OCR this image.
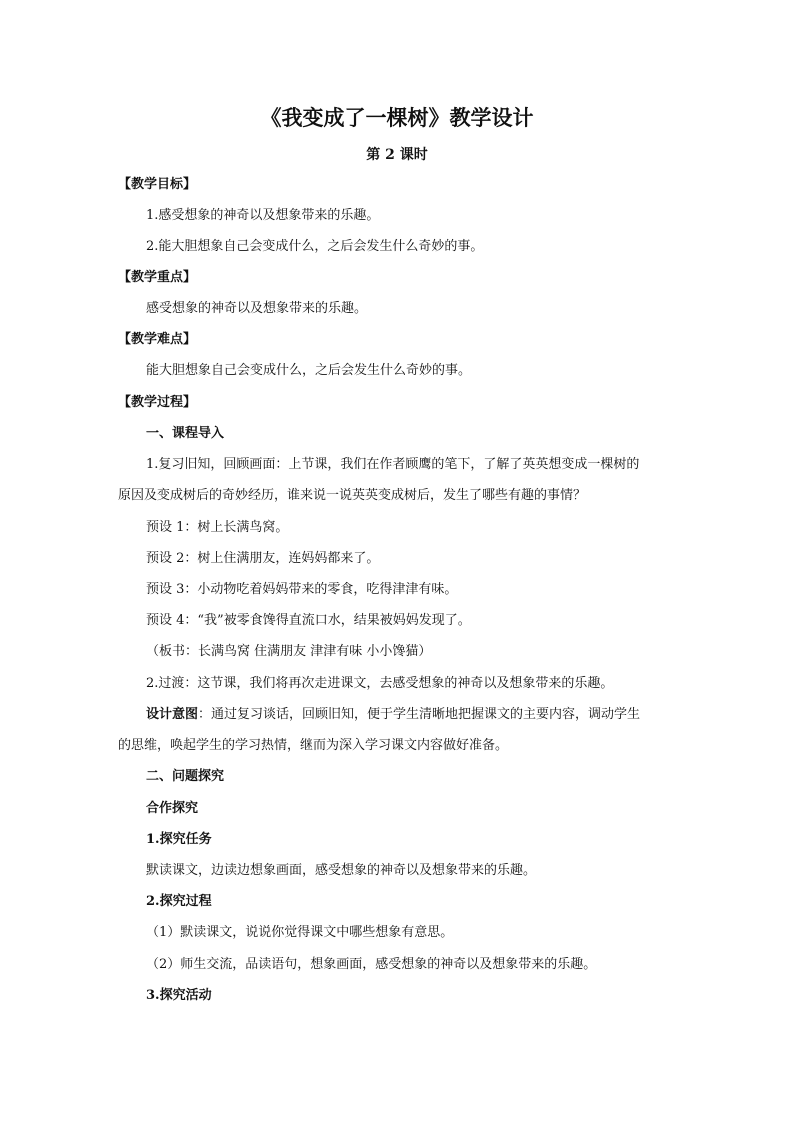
《我变成了一棵树》教学设计
第 2 课时
【教学目标】
1.感受想象的神奇以及想象带来的乐趣。
2.能大胆想象自己会变成什么，之后会发生什么奇妙的事。
【教学重点】
感受想象的神奇以及想象带来的乐趣。
【教学难点】
能大胆想象自己会变成什么，之后会发生什么奇妙的事。
【教学过程】
一、课程导入
1.复习旧知，回顾画面：上节课，我们在作者顾鹰的笔下，了解了英英想变成一棵树的
原因及变成树后的奇妙经历，谁来说一说英英变成树后，发生了哪些有趣的事情？
预设 1：树上长满鸟窝。
预设 2：树上住满朋友，连妈妈都来了。
预设 3：小动物吃着妈妈带来的零食，吃得津津有味。
预设 4：“我”被零食馋得直流口水，结果被妈妈发现了。
（板书：长满鸟窝 住满朋友 津津有味 小小馋猫）
2.过渡：这节课，我们将再次走进课文，去感受想象的神奇以及想象带来的乐趣。
设计意图：通过复习谈话，回顾旧知，便于学生清晰地把握课文的主要内容，调动学生
的思维，唤起学生的学习热情，继而为深入学习课文内容做好准备。
二、问题探究
合作探究
1.探究任务
默读课文，边读边想象画面，感受想象的神奇以及想象带来的乐趣。
2.探究过程
（1）默读课文，说说你觉得课文中哪些想象有意思。
（2）师生交流，品读语句，想象画面，感受想象的神奇以及想象带来的乐趣。
3.探究活动
